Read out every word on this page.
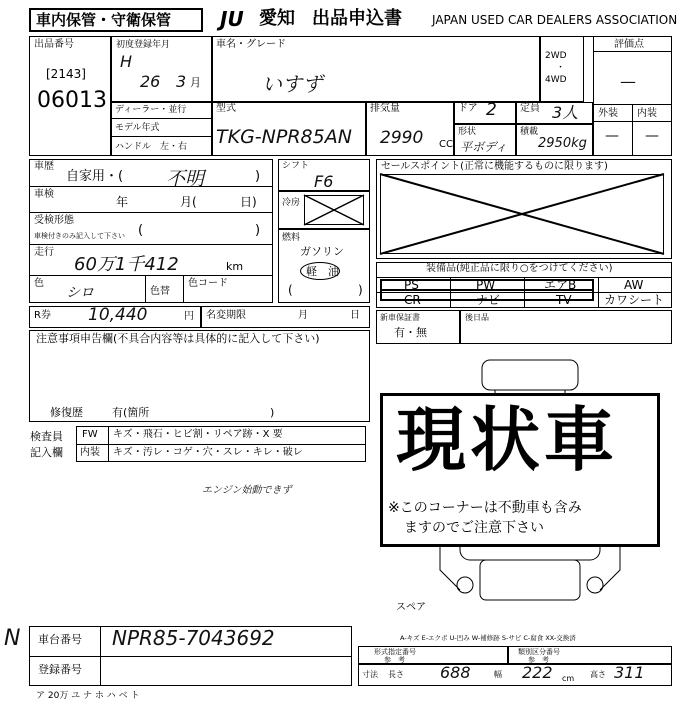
車内保管・守衛保管 JU 愛知 出品申込書	JAPAN USED CAR DEALERS ASSOCIATION
出品番号
[2143]
06013
初度登録年月
H
26 3 月
車名・グレード
いすず
2WD
・
4WD
評価点
—
外装 内装
— —
ディーラー・並行
モデル年式
ハンドル　左・右
型式
TKG-NPR85AN
排気量
2990 CC
ドア 2 定員 3人
形状
平ボディ
積載
2950kg
車歴
自家用・( 不明	)
車検
年	月(	日)
受検形態
車検付きのみ記入して下さい (	)
走行
60万1千412	km
色
シロ	色替
色コード
シフト
F6
冷房
燃料
ガソリン
軽　油
(	)
セールスポイント(正常に機能するものに限ります)
装備品(純正品に限り○をつけてください)
PS	PW	エアB	AW
CR	ナビ	TV	カワシート
R券 10,440	円 名変期限	月	日	新車保証書
有・無
後日品
注意事項申告欄(不具合内容等は具体的に記入して下さい)
修復歴	有(箇所	)
検査員
記入欄
FW キズ・飛石・ヒビ割・リペア跡・X 要
内装 キズ・汚レ・コゲ・穴・スレ・キレ・破レ
エンジン始動できず
スペア
A-キズ E-エクボ U-凹み W-補修跡 S-サビ C-腐食 XX-交換済
現状車
※このコーナーは不動車も含み
ますのでご注意下さい
N 車台番号 NPR85-7043692
登録番号
ア 20万 ユ ナ ホ ハ ベ ト
形式指定番号
参　考
類別区分番号
参　考
寸法 長さ 688	幅 222 cm 高さ 311
